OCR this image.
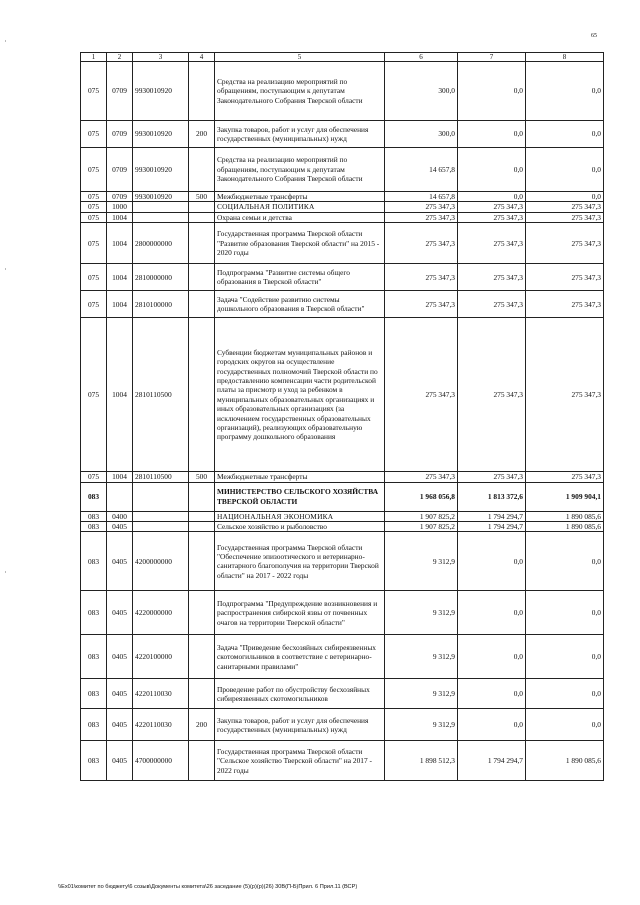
65
1	2	3	4	5	6	7	8
075	0709	9930010920		Средства на реализацию мероприятий по обращениям, поступающим к депутатам Законодательного Собрания Тверской области	300,0	0,0	0,0
075	0709	9930010920	200	Закупка товаров, работ и услуг для обеспечения государственных (муниципальных) нужд	300,0	0,0	0,0
075	0709	9930010920		Средства на реализацию мероприятий по обращениям, поступающим к депутатам Законодательного Собрания Тверской области	14 657,8	0,0	0,0
075	0709	9930010920	500	Межбюджетные трансферты	14 657,8	0,0	0,0
075	1000			СОЦИАЛЬНАЯ ПОЛИТИКА	275 347,3	275 347,3	275 347,3
075	1004			Охрана семьи и детства	275 347,3	275 347,3	275 347,3
075	1004	2800000000		Государственная программа Тверской области "Развитие образования Тверской области" на 2015 - 2020 годы	275 347,3	275 347,3	275 347,3
075	1004	2810000000		Подпрограмма "Развитие системы общего образования в Тверской области"	275 347,3	275 347,3	275 347,3
075	1004	2810100000		Задача "Содействие развитию системы дошкольного образования в Тверской области"	275 347,3	275 347,3	275 347,3
075	1004	2810110500		Субвенции бюджетам муниципальных районов и городских округов на осуществление государственных полномочий Тверской области по предоставлению компенсации части родительской платы за присмотр и уход за ребенком в муниципальных образовательных организациях и иных образовательных организациях (за исключением государственных образовательных организаций), реализующих образовательную программу дошкольного образования	275 347,3	275 347,3	275 347,3
075	1004	2810110500	500	Межбюджетные трансферты	275 347,3	275 347,3	275 347,3
083				МИНИСТЕРСТВО СЕЛЬСКОГО ХОЗЯЙСТВА ТВЕРСКОЙ ОБЛАСТИ	1 968 056,8	1 813 372,6	1 909 904,1
083	0400			НАЦИОНАЛЬНАЯ ЭКОНОМИКА	1 907 825,2	1 794 294,7	1 890 085,6
083	0405			Сельское хозяйство и рыболовство	1 907 825,2	1 794 294,7	1 890 085,6
083	0405	4200000000		Государственная программа Тверской области "Обеспечение эпизоотического и ветеринарно-санитарного благополучия на территории Тверской области" на 2017 - 2022 годы	9 312,9	0,0	0,0
083	0405	4220000000		Подпрограмма "Предупреждение возникновения и распространения сибирской язвы от почвенных очагов на территории Тверской области"	9 312,9	0,0	0,0
083	0405	4220100000		Задача "Приведение бесхозяйных сибиреязвенных скотомогильников в соответствие с ветеринарно-санитарными правилами"	9 312,9	0,0	0,0
083	0405	4220110030		Проведение работ по обустройству бесхозяйных сибиреязвенных скотомогильников	9 312,9	0,0	0,0
083	0405	4220110030	200	Закупка товаров, работ и услуг для обеспечения государственных (муниципальных) нужд	9 312,9	0,0	0,0
083	0405	4700000000		Государственная программа Тверской области "Сельское хозяйство Тверской области" на 2017 - 2022 годы	1 898 512,3	1 794 294,7	1 890 085,6
\\Ex01\комитет по бюджету\6 созыв\Документы комитета\26 заседание (5)(р)(р)(26) 30В(П-Б)Прил. 6 Прил.11 (ВСР)
